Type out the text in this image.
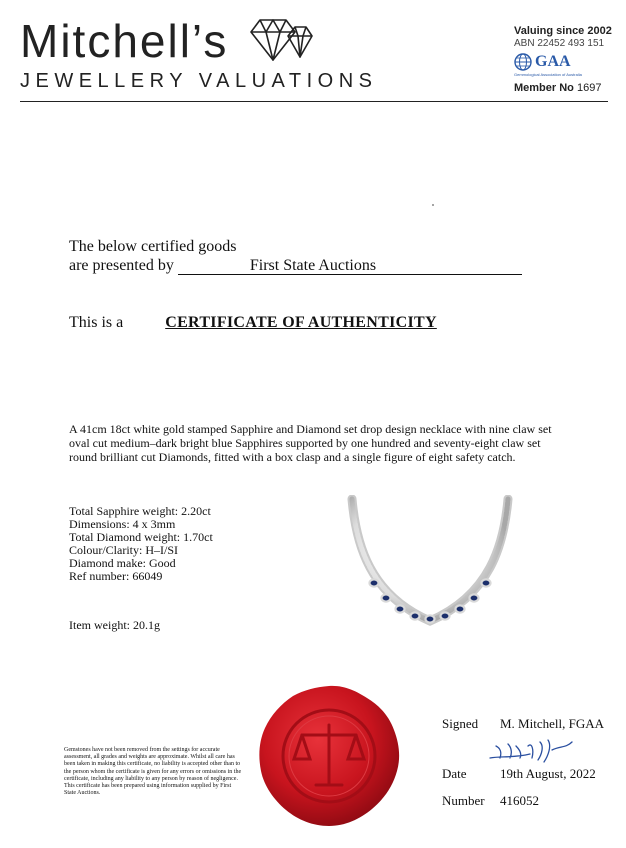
Mitchell’s
JEWELLERY VALUATIONS
Valuing since 2002
ABN 22452 493 151
GAA
Gemmological Association of Australia
Member No 1697
The below certified goods
are presented by	First State Auctions
This is a	CERTIFICATE OF AUTHENTICITY
A 41cm 18ct white gold stamped Sapphire and Diamond set drop design necklace with nine claw set oval cut medium–dark bright blue Sapphires supported by one hundred and seventy-eight claw set round brilliant cut Diamonds, fitted with a box clasp and a single figure of eight safety catch.
Total Sapphire weight: 2.20ct
Dimensions: 4 x 3mm
Total Diamond weight: 1.70ct
Colour/Clarity: H–I/SI
Diamond make: Good
Ref number: 66049
Item weight: 20.1g
Gemstones have not been removed from the settings for accurate assessment, all grades and weights are approximate. Whilst all care has been taken in making this certificate, no liability is accepted other than to the person whom the certificate is given for any errors or omissions in the certificate, including any liability to any person by reason of negligence. This certificate has been prepared using information supplied by First State Auctions.
Signed M. Mitchell, FGAA
Date	19th August, 2022
Number 416052
